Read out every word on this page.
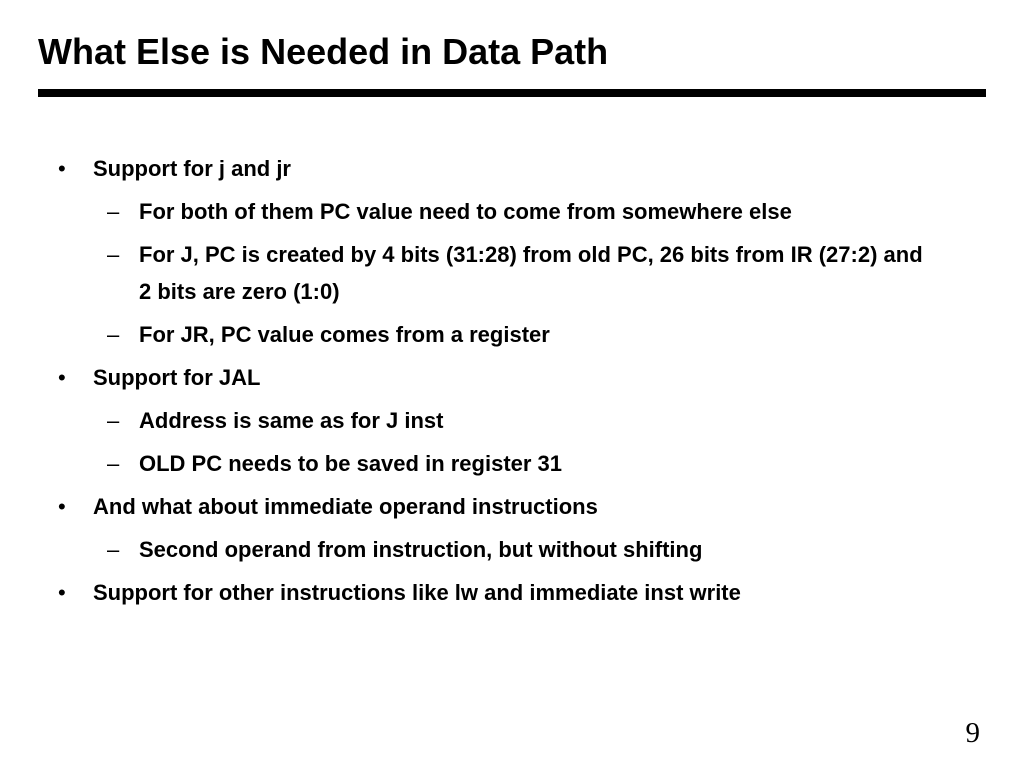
What Else is Needed in Data Path
• Support for j and jr
– For both of them PC value need to come from somewhere else
– For J, PC is created by 4 bits (31:28) from old PC, 26 bits from IR (27:2) and 2 bits are zero (1:0)
– For JR, PC value comes from a register
• Support for JAL
– Address is same as for J inst
– OLD PC needs to be saved in register 31
• And what about immediate operand instructions
– Second operand from instruction, but without shifting
• Support for other instructions like lw and immediate inst write
9
